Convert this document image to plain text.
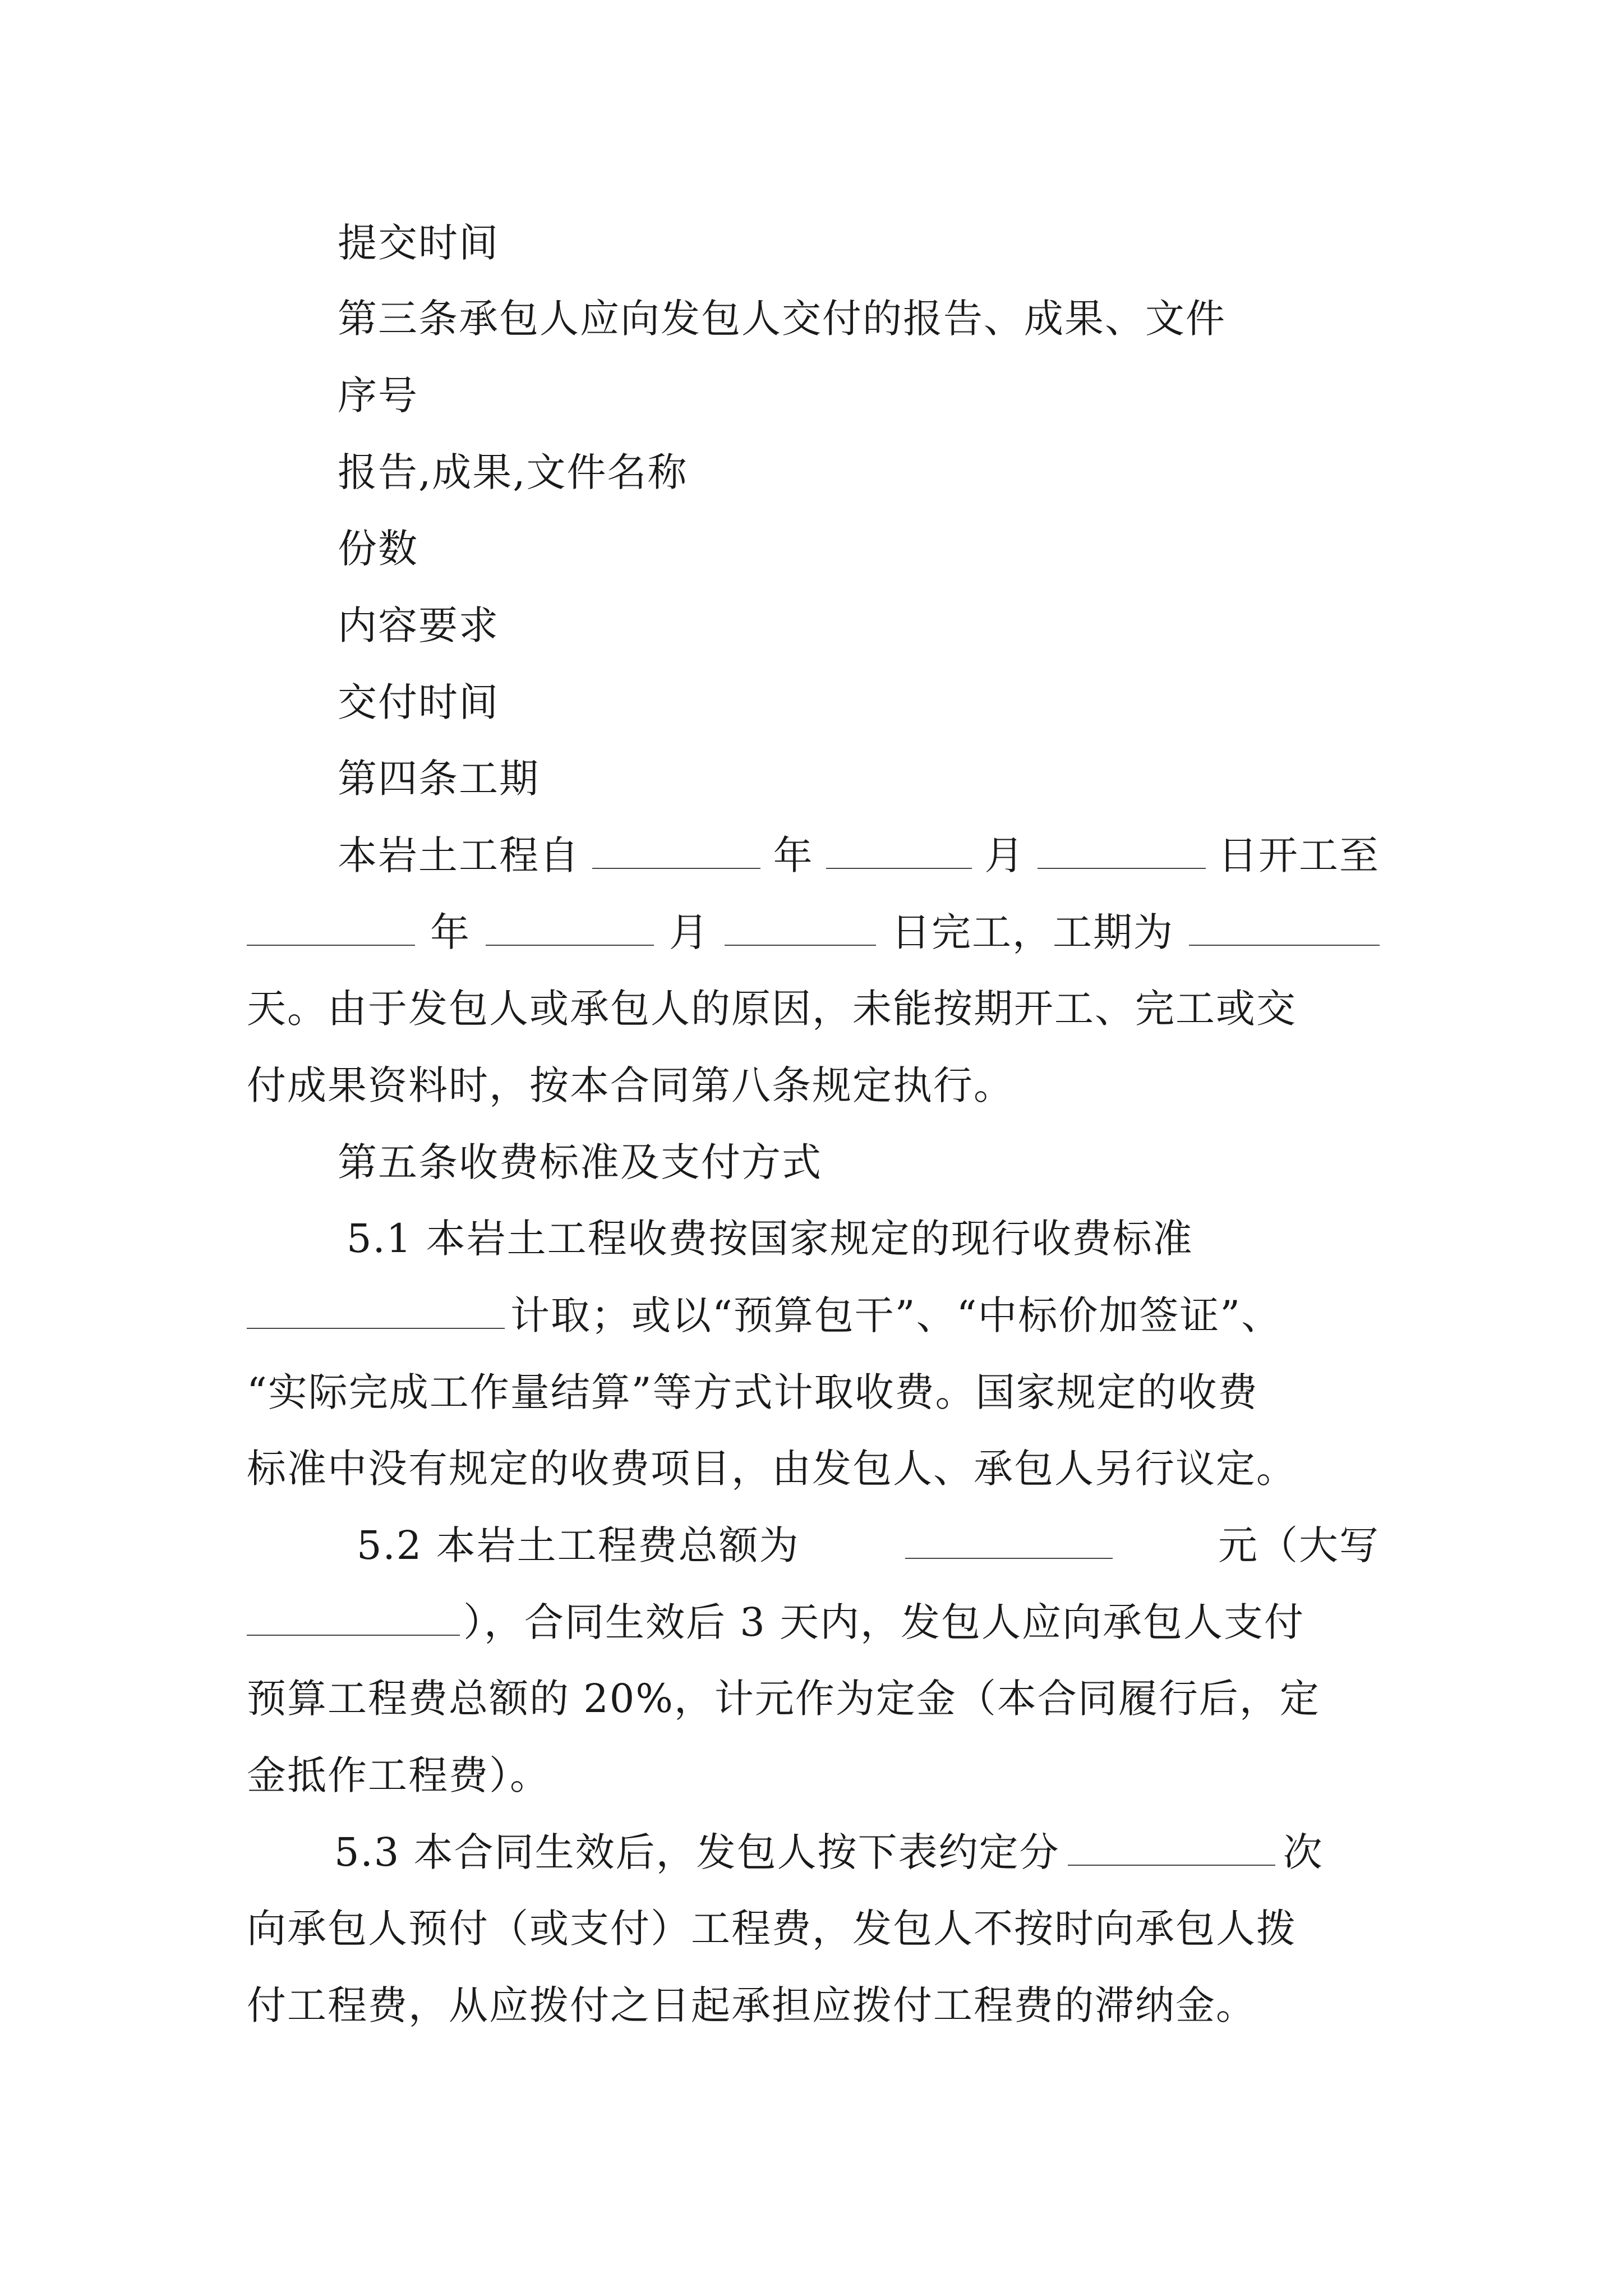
提交时间
第三条承包人应向发包人交付的报告、成果、文件
序号
报告,成果,文件名称
份数
内容要求
交付时间
第四条工期
本岩土工程自	年	月	日开工至
年	月	日完工，工期为
天。由于发包人或承包人的原因，未能按期开工、完工或交
付成果资料时，按本合同第八条规定执行。
第五条收费标准及支付方式
5.1 本岩土工程收费按国家规定的现行收费标准
计取；或以“预算包干”、“中标价加签证”、
“实际完成工作量结算”等方式计取收费。国家规定的收费
标准中没有规定的收费项目，由发包人、承包人另行议定。
5.2 本岩土工程费总额为	元（大写
），合同生效后 3 天内，发包人应向承包人支付
预算工程费总额的 20%，计元作为定金（本合同履行后，定
金抵作工程费）。
5.3 本合同生效后，发包人按下表约定分	次
向承包人预付（或支付）工程费，发包人不按时向承包人拨
付工程费，从应拨付之日起承担应拨付工程费的滞纳金。
